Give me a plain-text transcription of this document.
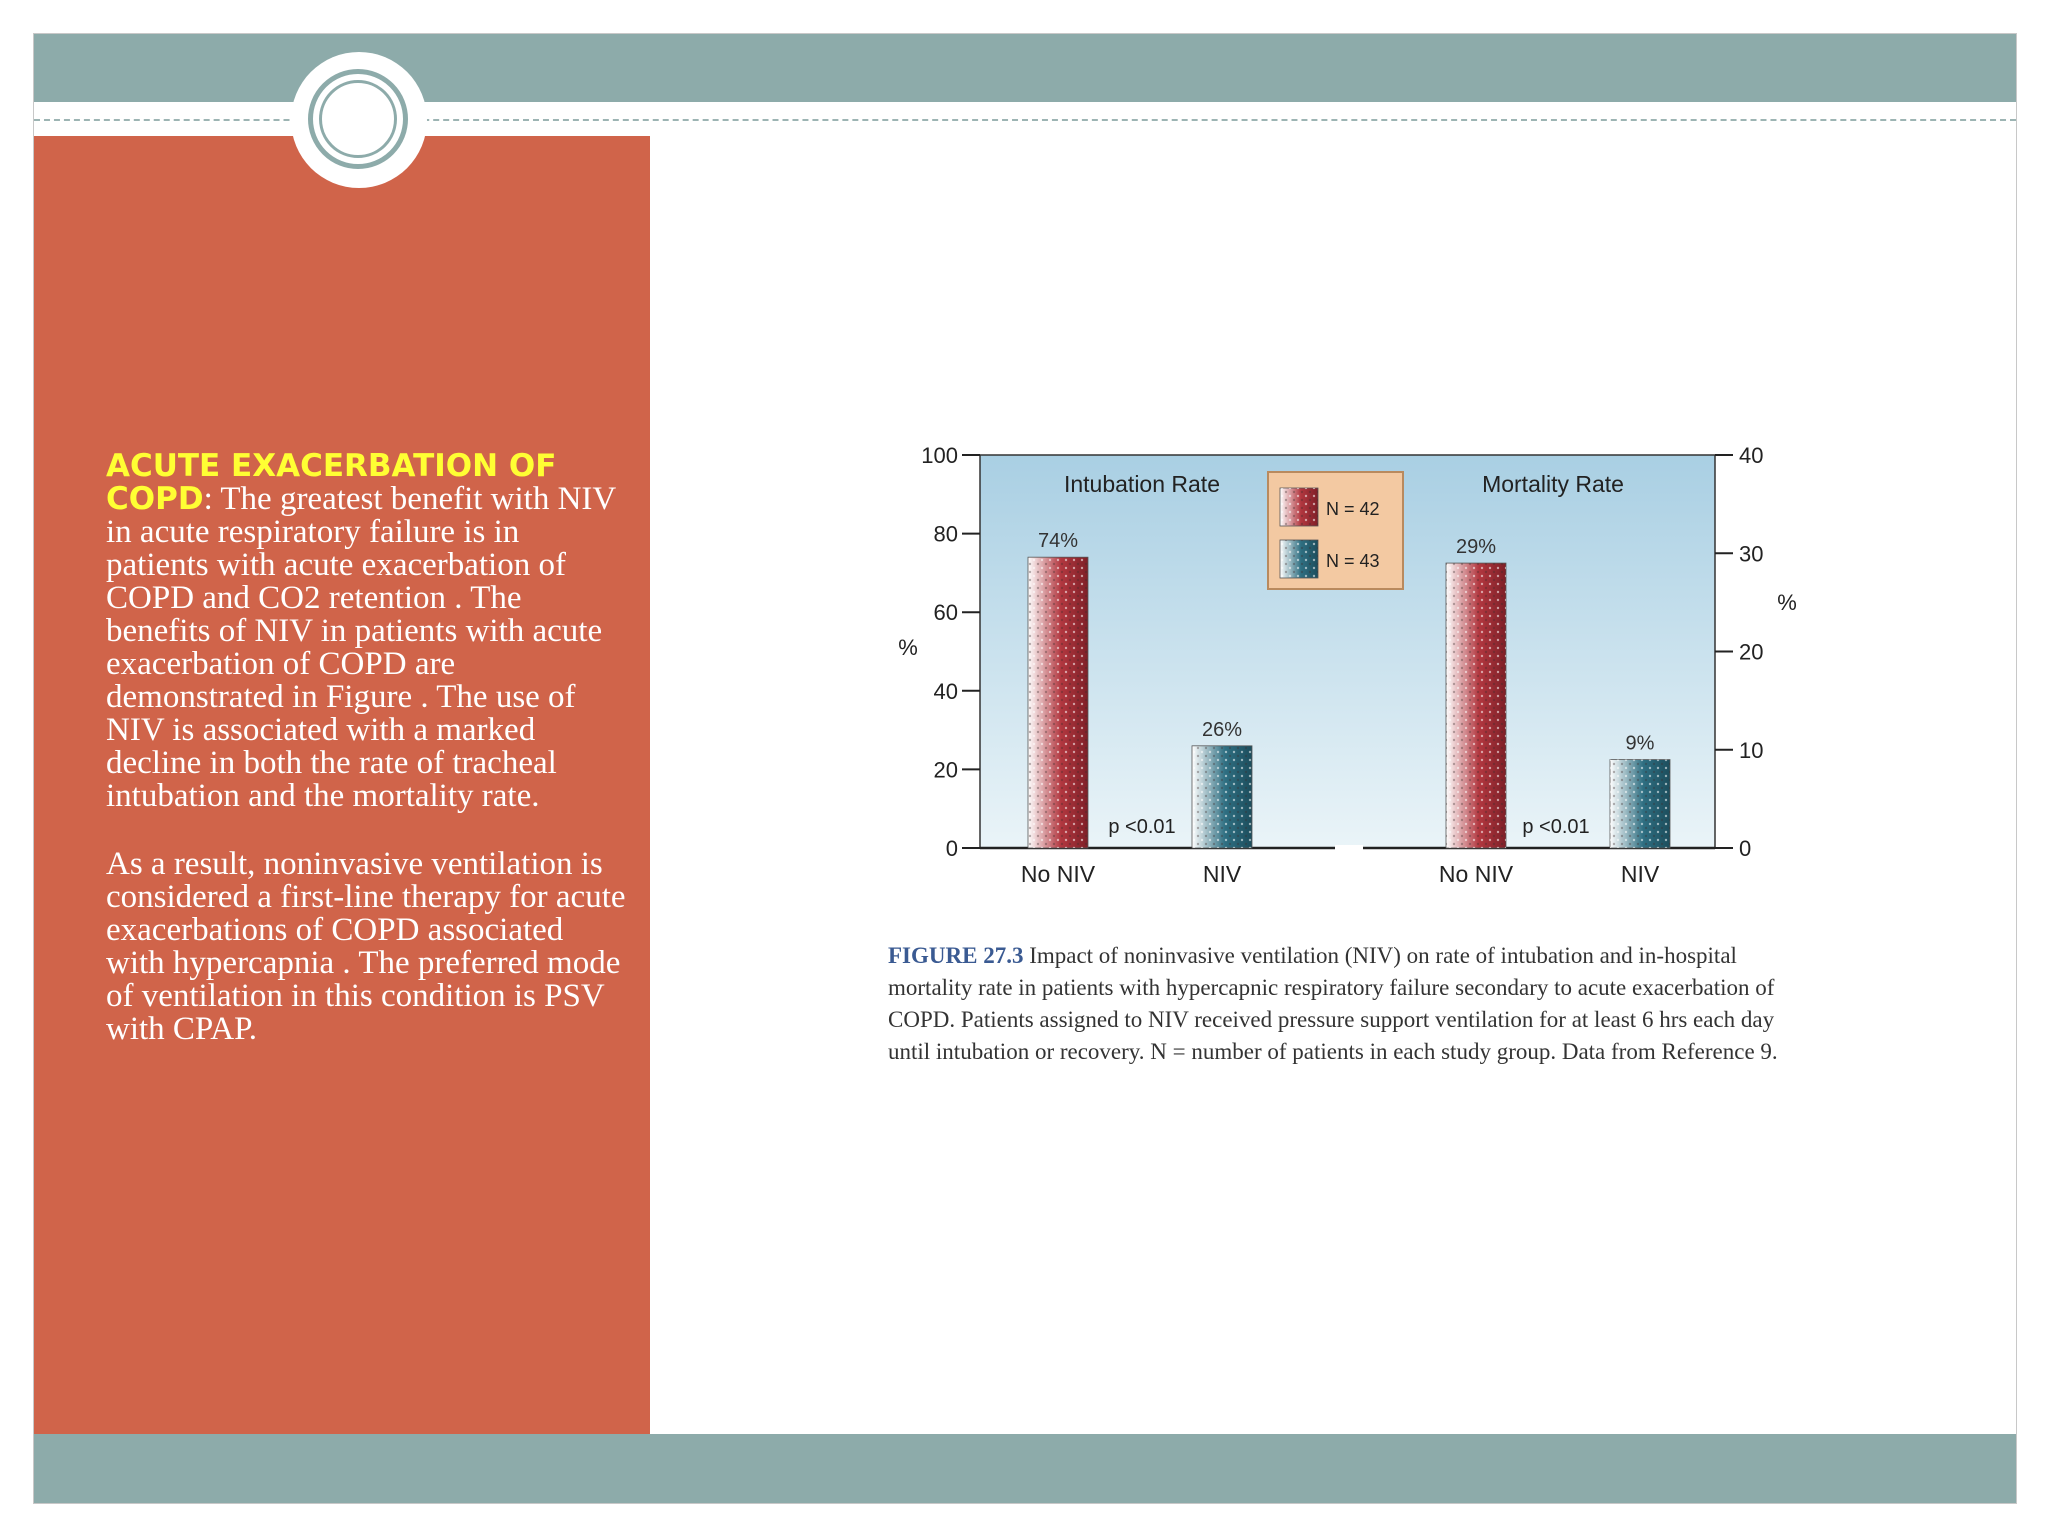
ACUTE EXACERBATION OF COPD: The greatest benefit with NIV in acute respiratory failure is in patients with acute exacerbation of COPD and CO2 retention . The benefits of NIV in patients with acute exacerbation of COPD are demonstrated in Figure . The use of NIV is associated with a marked decline in both the rate of tracheal intubation and the mortality rate.

As a result, noninvasive ventilation is considered a first-line therapy for acute exacerbations of COPD associated with hypercapnia . The preferred mode of ventilation in this condition is PSV with CPAP.

0
20
40
60
80
100
%
Intubation Rate
74%
No NIV
26%
NIV
p <0.01
0
10
20
30
40
%
Mortality Rate
29%
No NIV
9%
NIV
p <0.01
N = 42
N = 43
FIGURE 27.3 Impact of noninvasive ventilation (NIV) on rate of intubation and in-hospital mortality rate in patients with hypercapnic respiratory failure secondary to acute exacerbation of COPD. Patients assigned to NIV received pressure support ventilation for at least 6 hrs each day until intubation or recovery. N = number of patients in each study group. Data from Reference 9.
